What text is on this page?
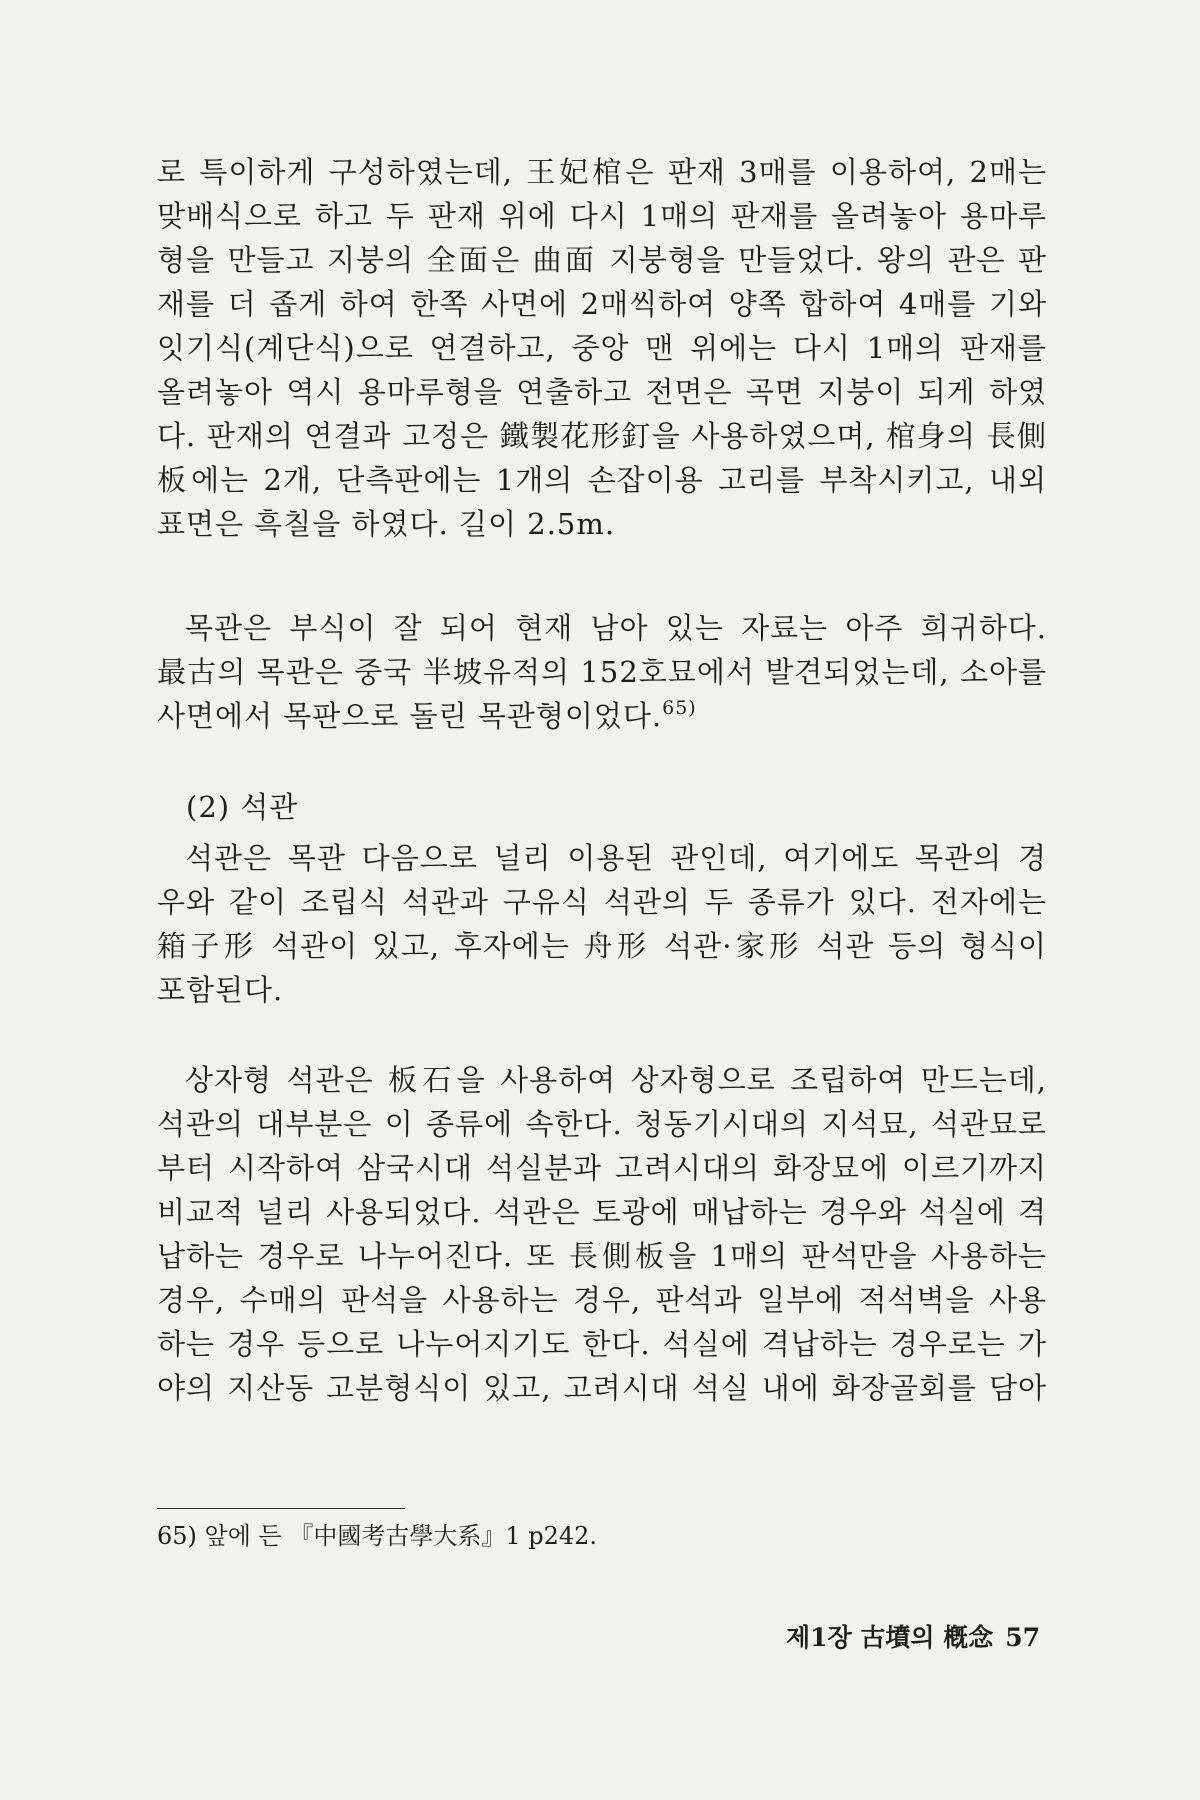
로 특이하게 구성하였는데, 王妃棺은 판재 3매를 이용하여, 2매는
맞배식으로 하고 두 판재 위에 다시 1매의 판재를 올려놓아 용마루
형을 만들고 지붕의 全面은 曲面 지붕형을 만들었다. 왕의 관은 판
재를 더 좁게 하여 한쪽 사면에 2매씩하여 양쪽 합하여 4매를 기와
잇기식(계단식)으로 연결하고, 중앙 맨 위에는 다시 1매의 판재를
올려놓아 역시 용마루형을 연출하고 전면은 곡면 지붕이 되게 하였
다. 판재의 연결과 고정은 鐵製花形釘을 사용하였으며, 棺身의 長側
板에는 2개, 단측판에는 1개의 손잡이용 고리를 부착시키고, 내외
표면은 흑칠을 하였다. 길이 2.5m.
목관은 부식이 잘 되어 현재 남아 있는 자료는 아주 희귀하다.
最古의 목관은 중국 半坡유적의 152호묘에서 발견되었는데, 소아를
사면에서 목판으로 돌린 목관형이었다.$^{65)}$
(2) 석관
석관은 목관 다음으로 널리 이용된 관인데, 여기에도 목관의 경
우와 같이 조립식 석관과 구유식 석관의 두 종류가 있다. 전자에는
箱子形 석관이 있고, 후자에는 舟形 석관·家形 석관 등의 형식이
포함된다.
상자형 석관은 板石을 사용하여 상자형으로 조립하여 만드는데,
석관의 대부분은 이 종류에 속한다. 청동기시대의 지석묘, 석관묘로
부터 시작하여 삼국시대 석실분과 고려시대의 화장묘에 이르기까지
비교적 널리 사용되었다. 석관은 토광에 매납하는 경우와 석실에 격
납하는 경우로 나누어진다. 또 長側板을 1매의 판석만을 사용하는
경우, 수매의 판석을 사용하는 경우, 판석과 일부에 적석벽을 사용
하는 경우 등으로 나누어지기도 한다. 석실에 격납하는 경우로는 가
야의 지산동 고분형식이 있고, 고려시대 석실 내에 화장골회를 담아
65) 앞에 든 『中國考古學大系』1 p242.
제1장 古墳의 槪念 57
